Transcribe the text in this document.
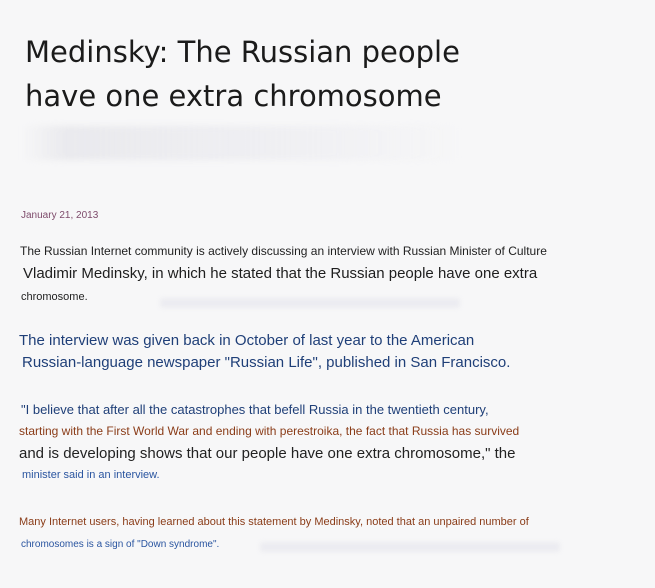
Medinsky: The Russian people
have one extra chromosome
January 21, 2013
The Russian Internet community is actively discussing an interview with Russian Minister of Culture
Vladimir Medinsky, in which he stated that the Russian people have one extra
chromosome.
The interview was given back in October of last year to the American
Russian-language newspaper "Russian Life", published in San Francisco.
"I believe that after all the catastrophes that befell Russia in the twentieth century,
starting with the First World War and ending with perestroika, the fact that Russia has survived
and is developing shows that our people have one extra chromosome," the
minister said in an interview.
Many Internet users, having learned about this statement by Medinsky, noted that an unpaired number of
chromosomes is a sign of "Down syndrome".
